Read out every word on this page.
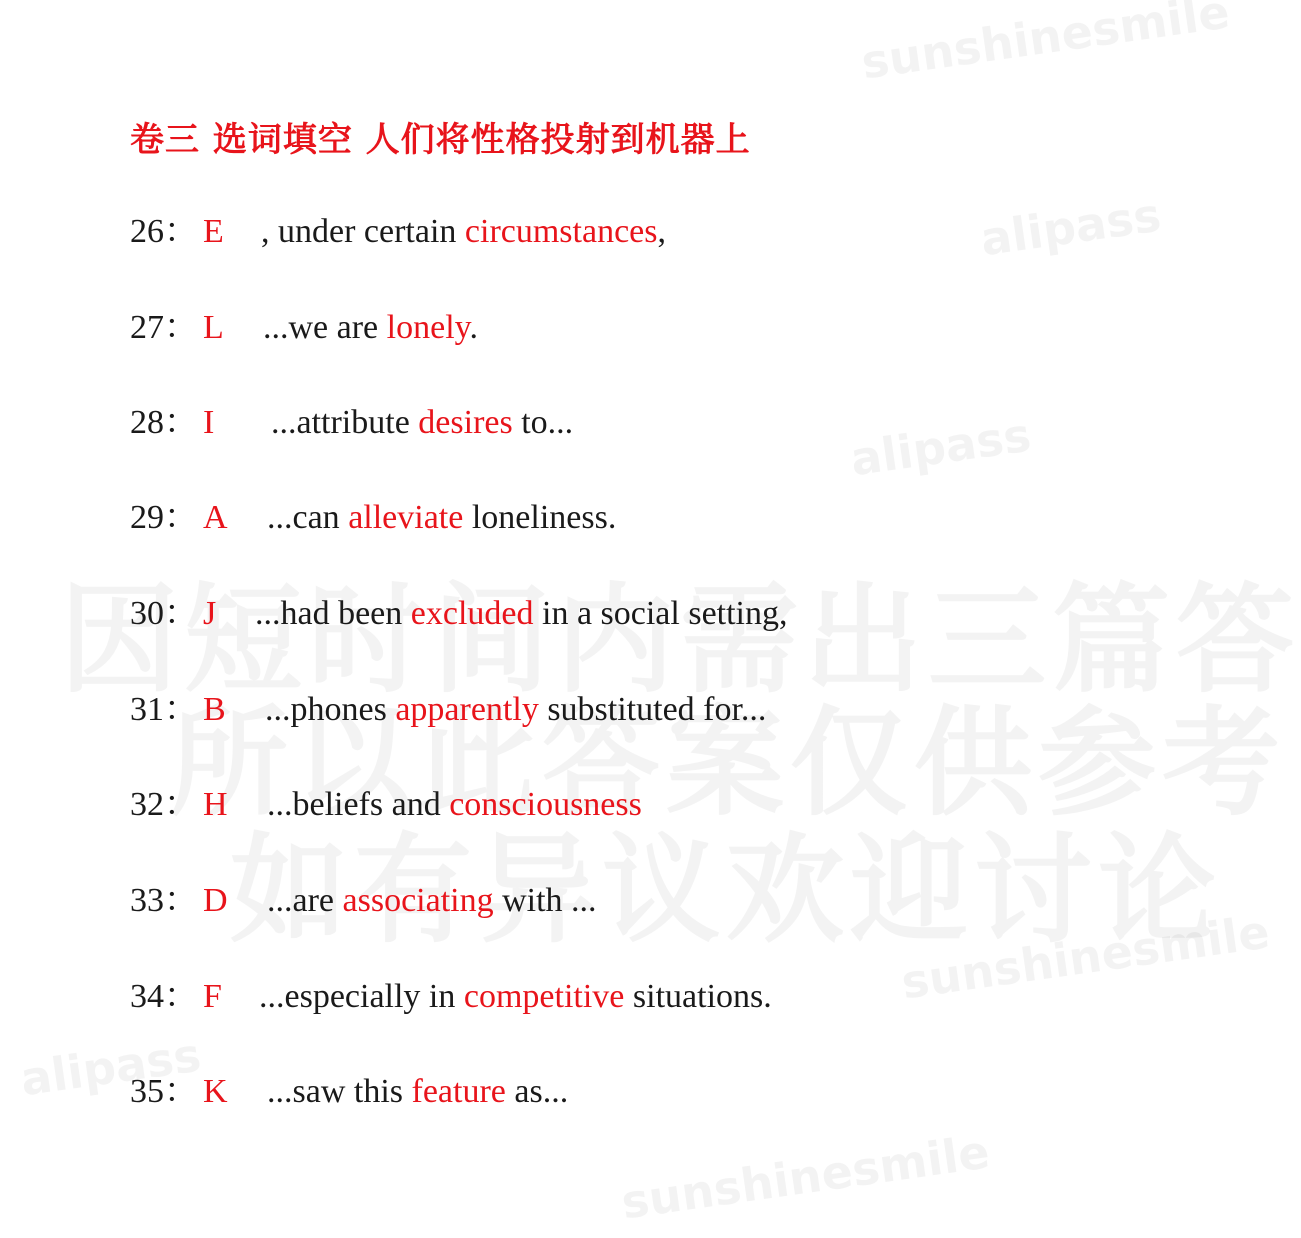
卷三 选词填空 人们将性格投射到机器上
26： E , under certain circumstances,
27： L ...we are lonely.
28： I ...attribute desires to...
29： A ...can alleviate loneliness.
30： J ...had been excluded in a social setting,
31： B ...phones apparently substituted for...
32： H ...beliefs and consciousness
33： D ...are associating with ...
34： F ...especially in competitive situations.
35： K ...saw this feature as...
